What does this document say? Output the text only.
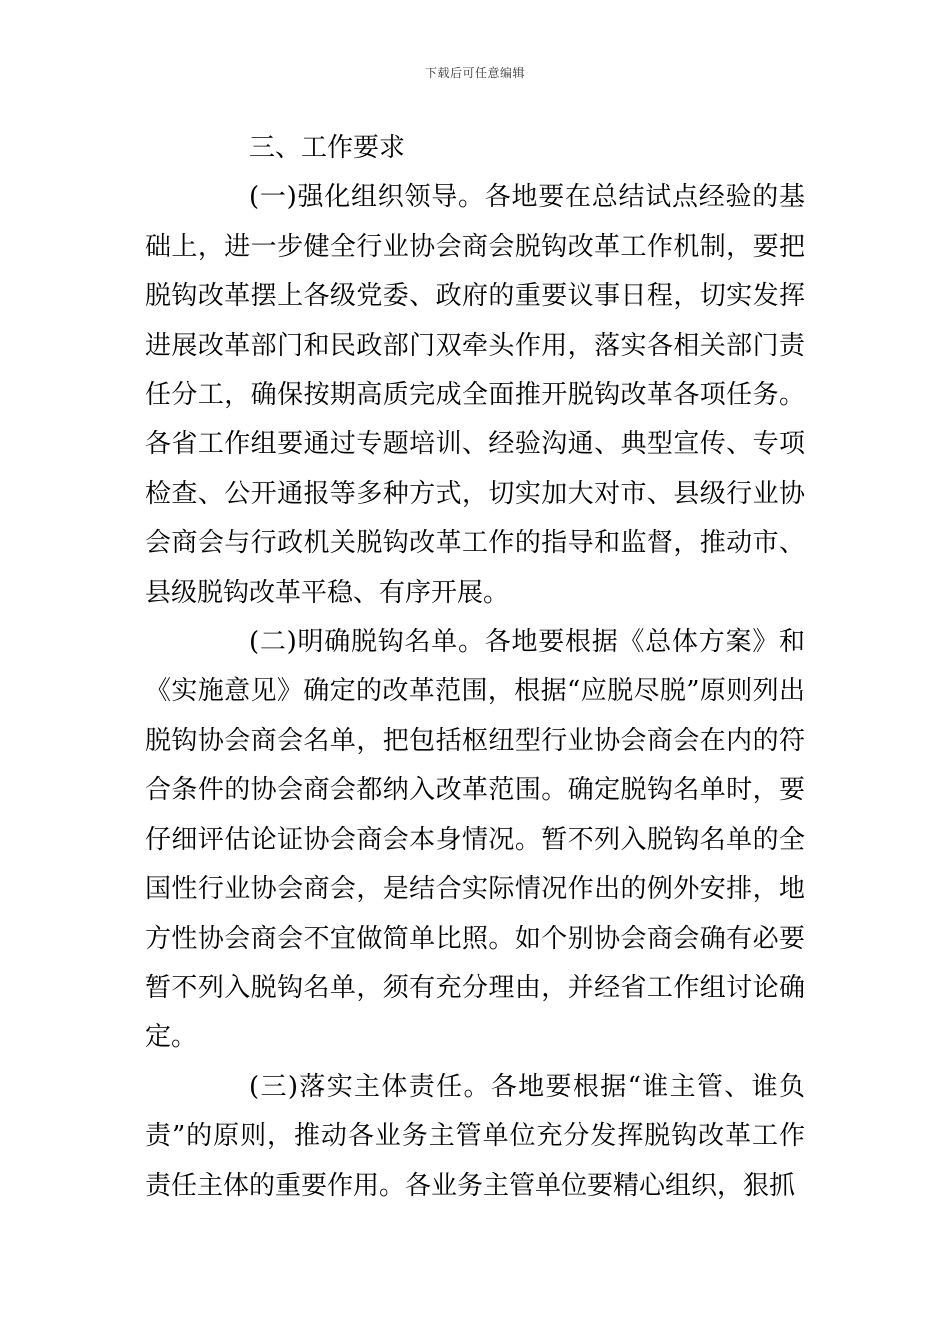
下载后可任意编辑

三、工作要求

(一)强化组织领导。各地要在总结试点经验的基础上，进一步健全行业协会商会脱钩改革工作机制，要把脱钩改革摆上各级党委、政府的重要议事日程，切实发挥进展改革部门和民政部门双牵头作用，落实各相关部门责任分工，确保按期高质完成全面推开脱钩改革各项任务。各省工作组要通过专题培训、经验沟通、典型宣传、专项检查、公开通报等多种方式，切实加大对市、县级行业协会商会与行政机关脱钩改革工作的指导和监督，推动市、县级脱钩改革平稳、有序开展。

(二)明确脱钩名单。各地要根据《总体方案》和《实施意见》确定的改革范围，根据“应脱尽脱”原则列出脱钩协会商会名单，把包括枢纽型行业协会商会在内的符合条件的协会商会都纳入改革范围。确定脱钩名单时，要仔细评估论证协会商会本身情况。暂不列入脱钩名单的全国性行业协会商会，是结合实际情况作出的例外安排，地方性协会商会不宜做简单比照。如个别协会商会确有必要暂不列入脱钩名单，须有充分理由，并经省工作组讨论确定。

(三)落实主体责任。各地要根据“谁主管、谁负责”的原则，推动各业务主管单位充分发挥脱钩改革工作责任主体的重要作用。各业务主管单位要精心组织，狠抓
